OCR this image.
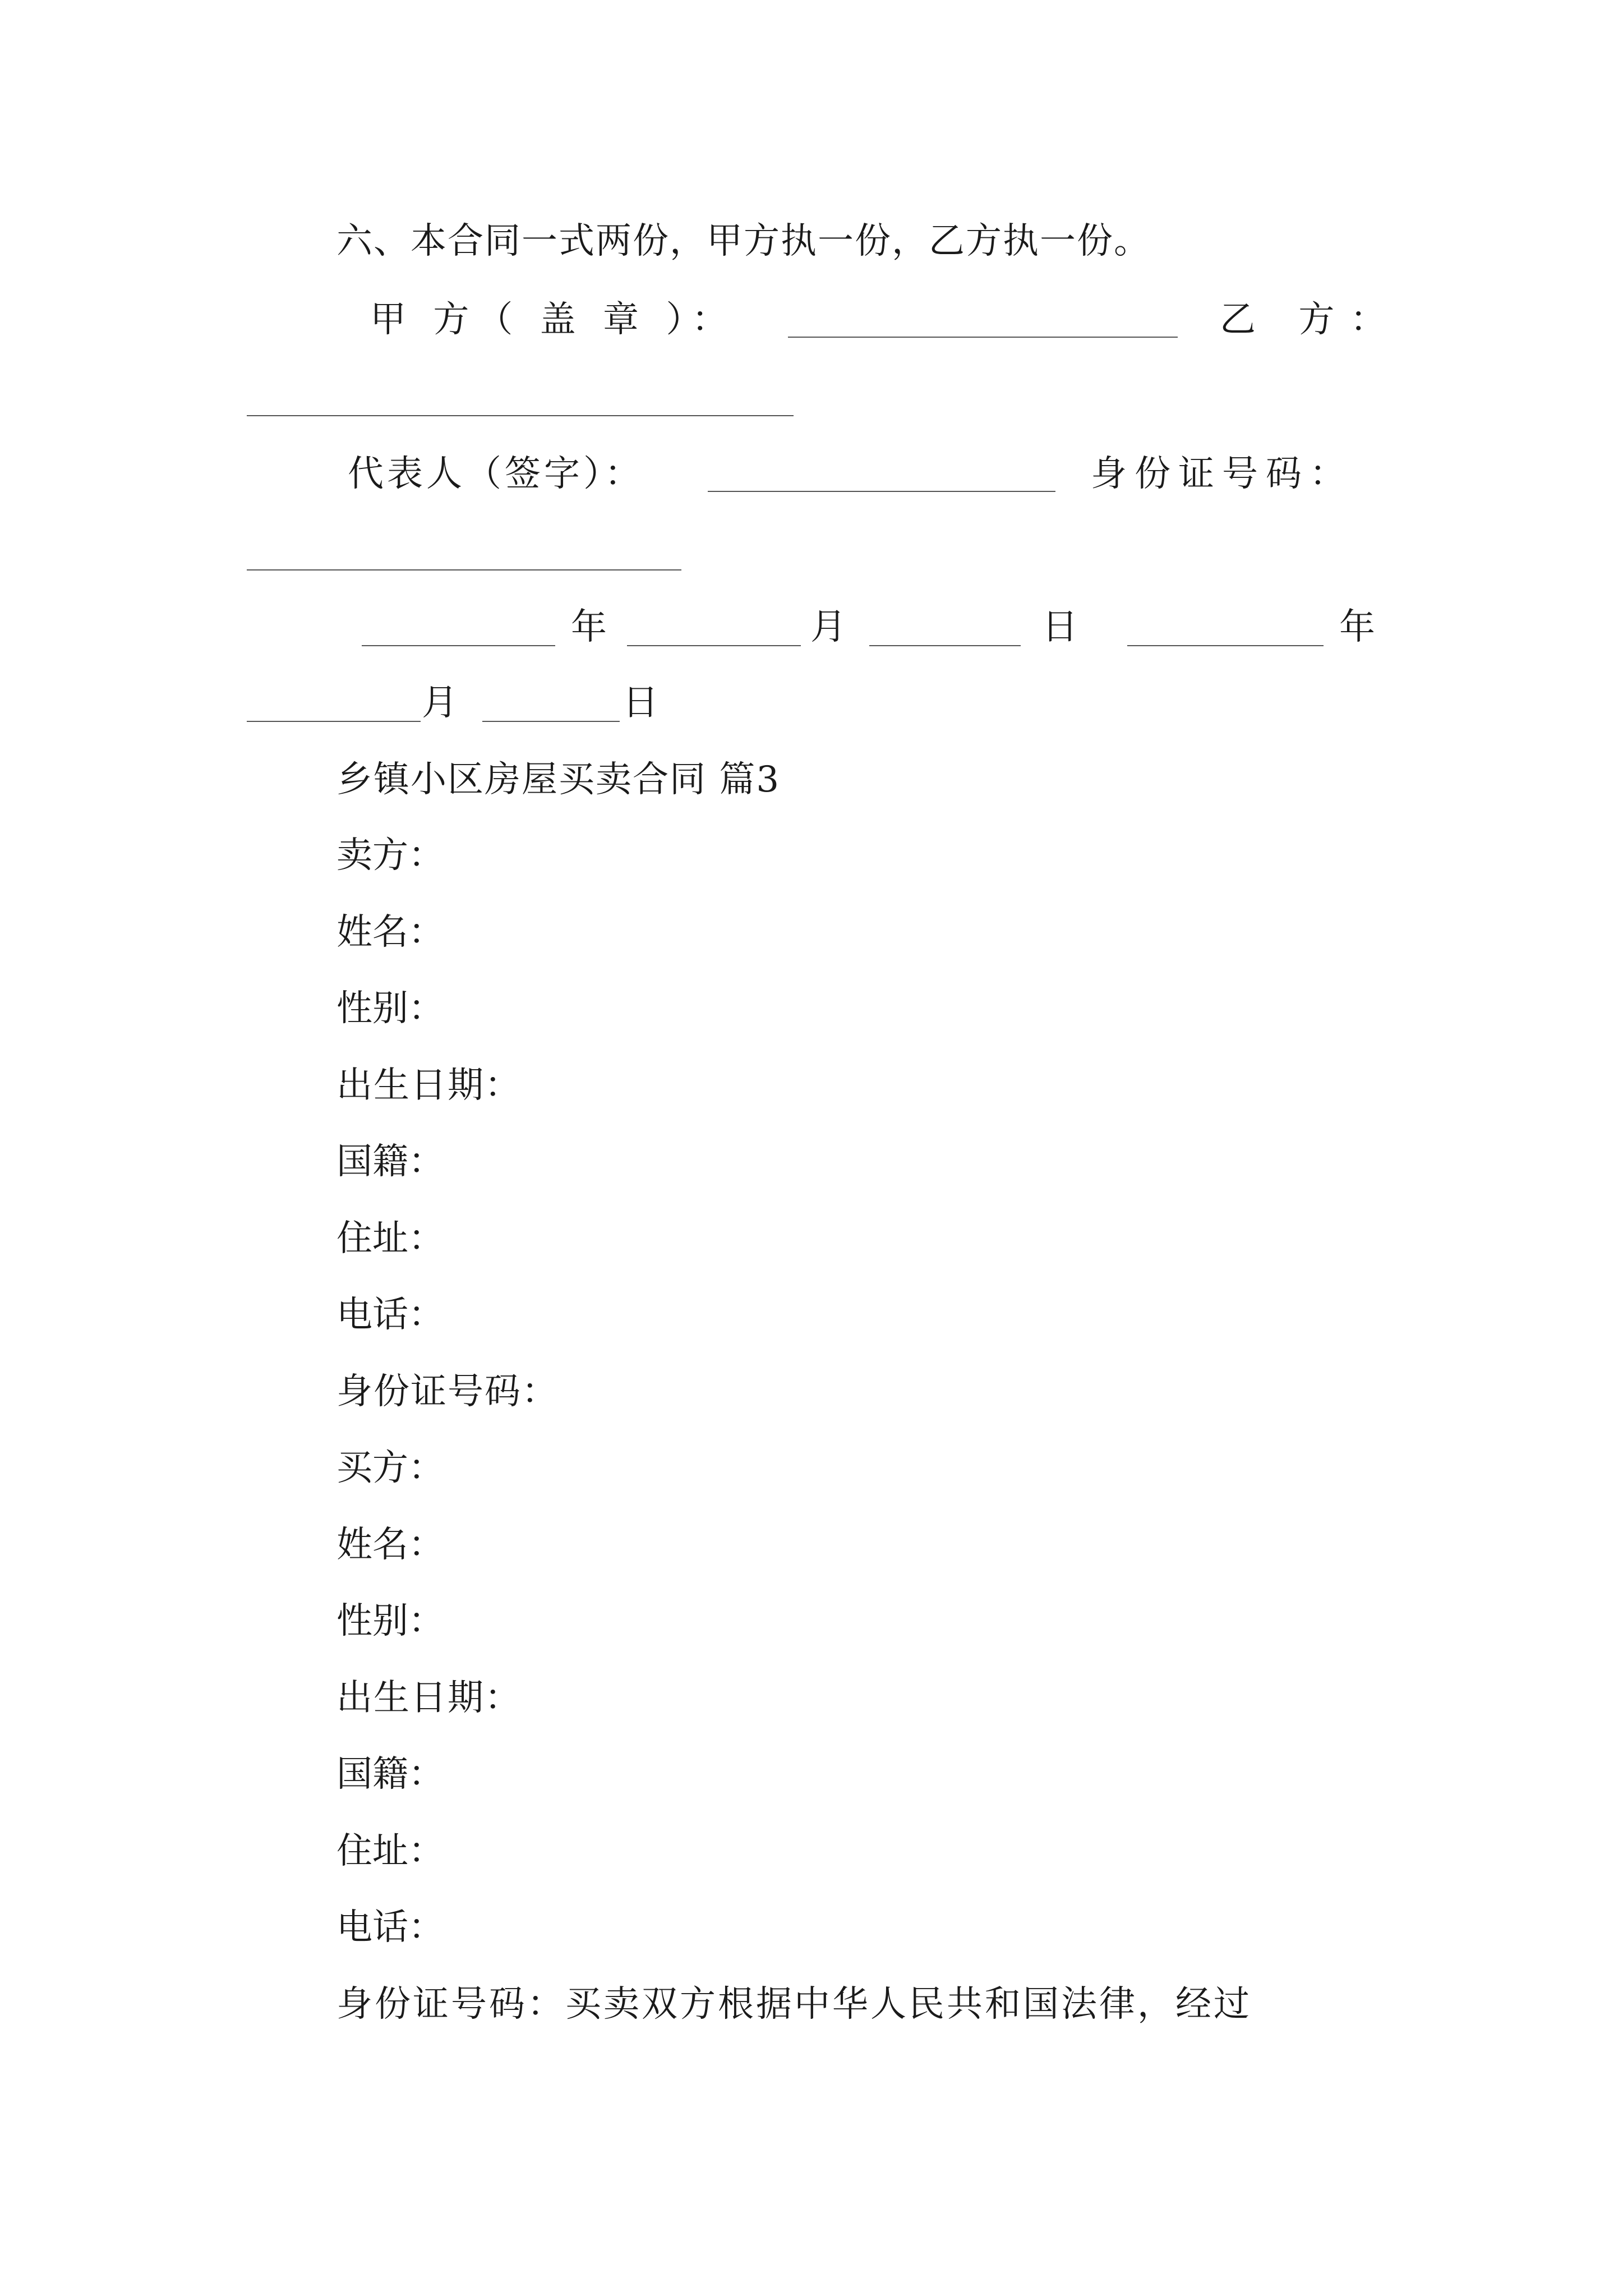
六、本合同一式两份，甲方执一份，乙方执一份。
甲 方（ 盖 章 ）：	乙 方：
代表人（签字）：	身份证号码：
年	月	日	年
月	日
乡镇小区房屋买卖合同 篇3
卖方：
姓名：
性别：
出生日期：
国籍：
住址：
电话：
身份证号码：
买方：
姓名：
性别：
出生日期：
国籍：
住址：
电话：
身份证号码：买卖双方根据中华人民共和国法律，经过
